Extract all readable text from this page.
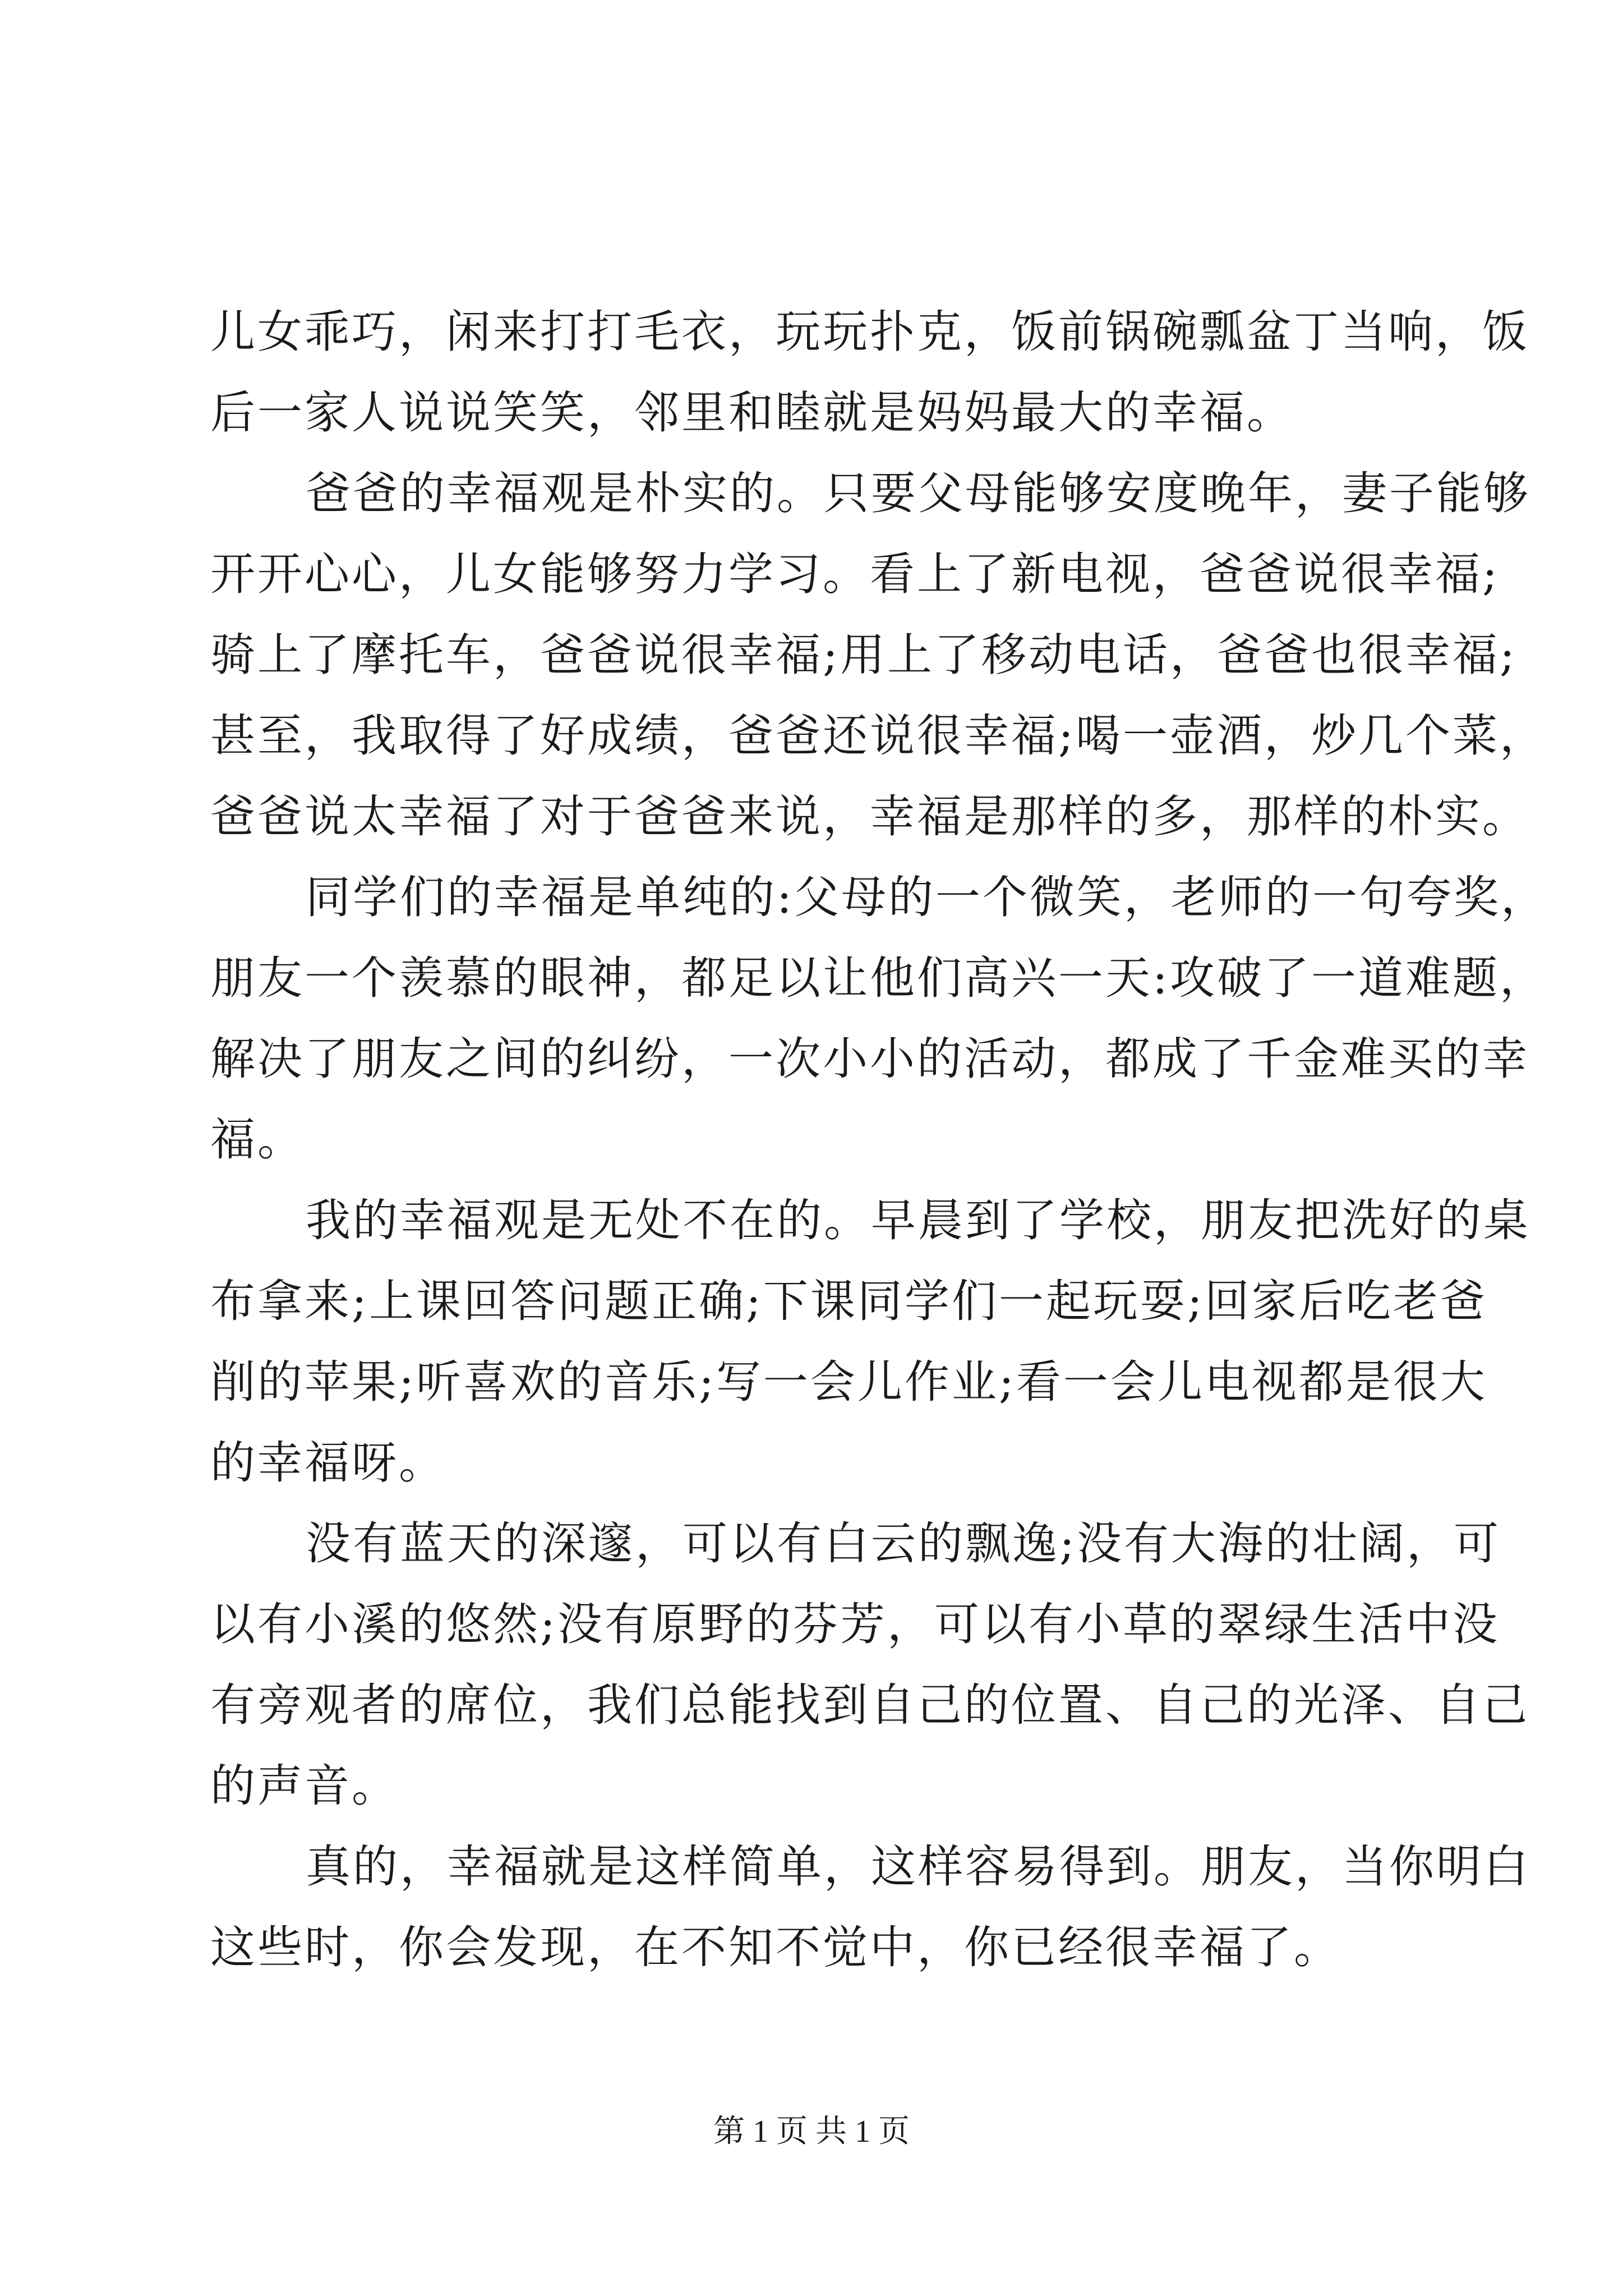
儿女乖巧，闲来打打毛衣，玩玩扑克，饭前锅碗瓢盆丁当响，饭
后一家人说说笑笑，邻里和睦就是妈妈最大的幸福。
爸爸的幸福观是朴实的。只要父母能够安度晚年，妻子能够
开开心心，儿女能够努力学习。看上了新电视，爸爸说很幸福;
骑上了摩托车，爸爸说很幸福;用上了移动电话，爸爸也很幸福;
甚至，我取得了好成绩，爸爸还说很幸福;喝一壶酒，炒几个菜，
爸爸说太幸福了对于爸爸来说，幸福是那样的多，那样的朴实。
同学们的幸福是单纯的:父母的一个微笑，老师的一句夸奖，
朋友一个羡慕的眼神，都足以让他们高兴一天:攻破了一道难题，
解决了朋友之间的纠纷，一次小小的活动，都成了千金难买的幸
福。
我的幸福观是无处不在的。早晨到了学校，朋友把洗好的桌
布拿来;上课回答问题正确;下课同学们一起玩耍;回家后吃老爸
削的苹果;听喜欢的音乐;写一会儿作业;看一会儿电视都是很大
的幸福呀。
没有蓝天的深邃，可以有白云的飘逸;没有大海的壮阔，可
以有小溪的悠然;没有原野的芬芳，可以有小草的翠绿生活中没
有旁观者的席位，我们总能找到自己的位置、自己的光泽、自己
的声音。
真的，幸福就是这样简单，这样容易得到。朋友，当你明白
这些时，你会发现，在不知不觉中，你已经很幸福了。
第 1 页 共 1 页
